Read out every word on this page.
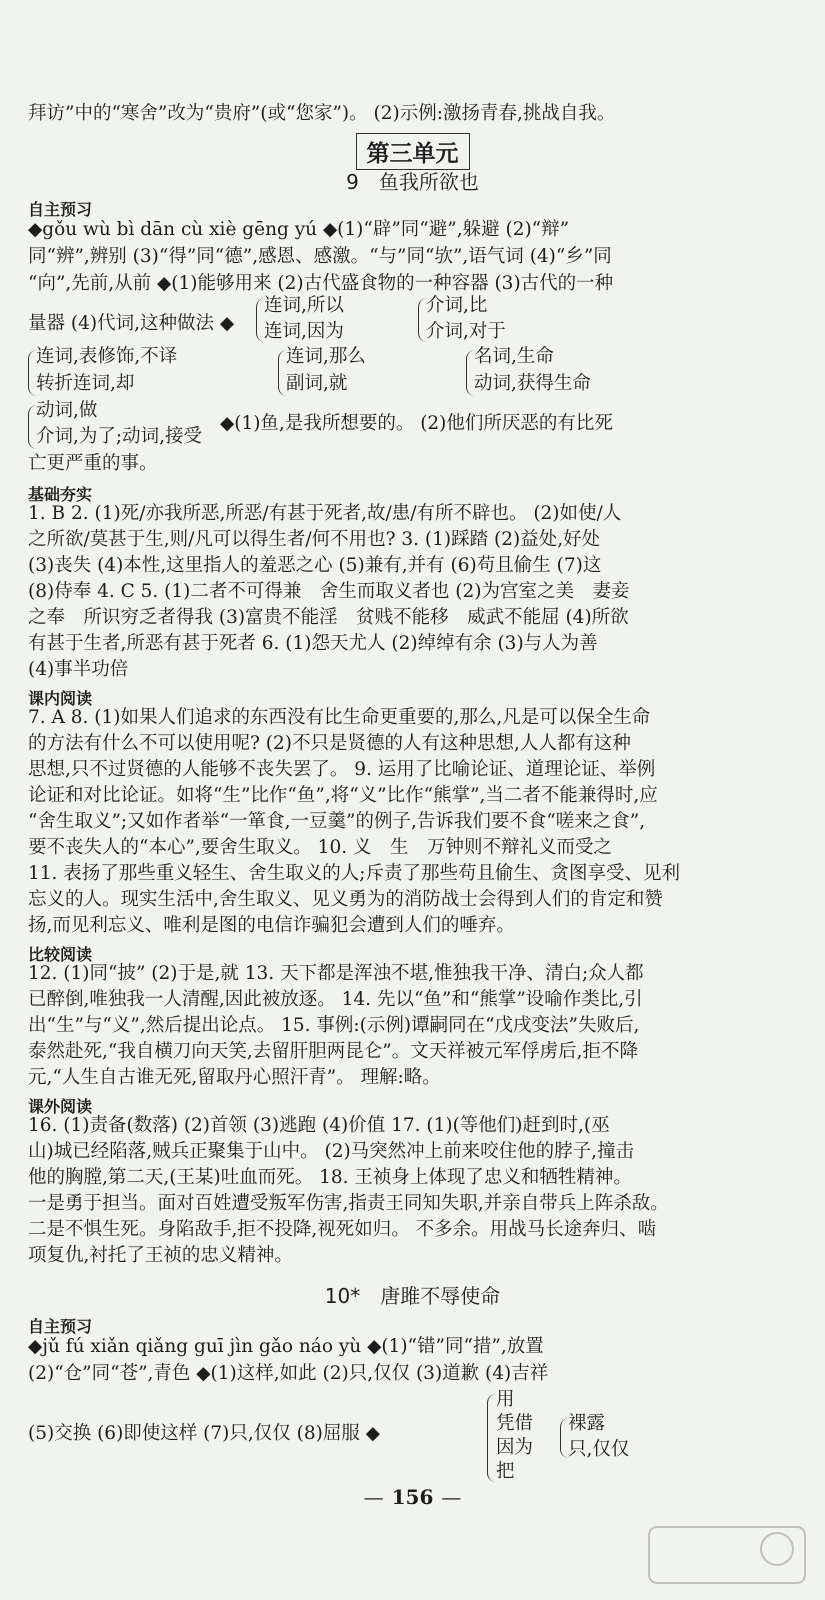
拜访”中的“寒舍”改为“贵府”(或“您家”)。 (2)示例:激扬青春,挑战自我。
第三单元
9　鱼我所欲也
自主预习
◆gǒu wù bì dān cù xiè gēng yú ◆(1)“辟”同“避”,躲避 (2)“辩”
同“辨”,辨别 (3)“得”同“德”,感恩、感激。“与”同“欤”,语气词 (4)“乡”同
“向”,先前,从前 ◆(1)能够用来 (2)古代盛食物的一种容器 (3)古代的一种
量器 (4)代词,这种做法 ◆
连词,所以
连词,因为
介词,比
介词,对于
连词,表修饰,不译
转折连词,却
连词,那么
副词,就
名词,生命
动词,获得生命
动词,做
介词,为了;动词,接受
◆(1)鱼,是我所想要的。 (2)他们所厌恶的有比死
亡更严重的事。
基础夯实
1. B 2. (1)死/亦我所恶,所恶/有甚于死者,故/患/有所不辟也。 (2)如使/人
之所欲/莫甚于生,则/凡可以得生者/何不用也? 3. (1)踩踏 (2)益处,好处
(3)丧失 (4)本性,这里指人的羞恶之心 (5)兼有,并有 (6)苟且偷生 (7)这
(8)侍奉 4. C 5. (1)二者不可得兼　舍生而取义者也 (2)为宫室之美　妻妾
之奉　所识穷乏者得我 (3)富贵不能淫　贫贱不能移　威武不能屈 (4)所欲
有甚于生者,所恶有甚于死者 6. (1)怨天尤人 (2)绰绰有余 (3)与人为善
(4)事半功倍
课内阅读
7. A 8. (1)如果人们追求的东西没有比生命更重要的,那么,凡是可以保全生命
的方法有什么不可以使用呢? (2)不只是贤德的人有这种思想,人人都有这种
思想,只不过贤德的人能够不丧失罢了。 9. 运用了比喻论证、道理论证、举例
论证和对比论证。如将“生”比作“鱼”,将“义”比作“熊掌”,当二者不能兼得时,应
“舍生取义”;又如作者举“一箪食,一豆羹”的例子,告诉我们要不食“嗟来之食”,
要不丧失人的“本心”,要舍生取义。 10. 义　生　万钟则不辩礼义而受之
11. 表扬了那些重义轻生、舍生取义的人;斥责了那些苟且偷生、贪图享受、见利
忘义的人。现实生活中,舍生取义、见义勇为的消防战士会得到人们的肯定和赞
扬,而见利忘义、唯利是图的电信诈骗犯会遭到人们的唾弃。
比较阅读
12. (1)同“披” (2)于是,就 13. 天下都是浑浊不堪,惟独我干净、清白;众人都
已醉倒,唯独我一人清醒,因此被放逐。 14. 先以“鱼”和“熊掌”设喻作类比,引
出“生”与“义”,然后提出论点。 15. 事例:(示例)谭嗣同在“戊戌变法”失败后,
泰然赴死,“我自横刀向天笑,去留肝胆两昆仑”。文天祥被元军俘虏后,拒不降
元,“人生自古谁无死,留取丹心照汗青”。 理解:略。
课外阅读
16. (1)责备(数落) (2)首领 (3)逃跑 (4)价值 17. (1)(等他们)赶到时,(巫
山)城已经陷落,贼兵正聚集于山中。 (2)马突然冲上前来咬住他的脖子,撞击
他的胸膛,第二天,(王某)吐血而死。 18. 王祯身上体现了忠义和牺牲精神。
一是勇于担当。面对百姓遭受叛军伤害,指责王同知失职,并亲自带兵上阵杀敌。
二是不惧生死。身陷敌手,拒不投降,视死如归。 不多余。用战马长途奔归、啮
项复仇,衬托了王祯的忠义精神。
10*　唐雎不辱使命
自主预习
◆jǔ fú xiǎn qiǎng guī jìn gǎo náo yù ◆(1)“错”同“措”,放置
(2)“仓”同“苍”,青色 ◆(1)这样,如此 (2)只,仅仅 (3)道歉 (4)吉祥
(5)交换 (6)即使这样 (7)只,仅仅 (8)屈服 ◆
用
凭借
因为
把
裸露
只,仅仅
— 156 —
